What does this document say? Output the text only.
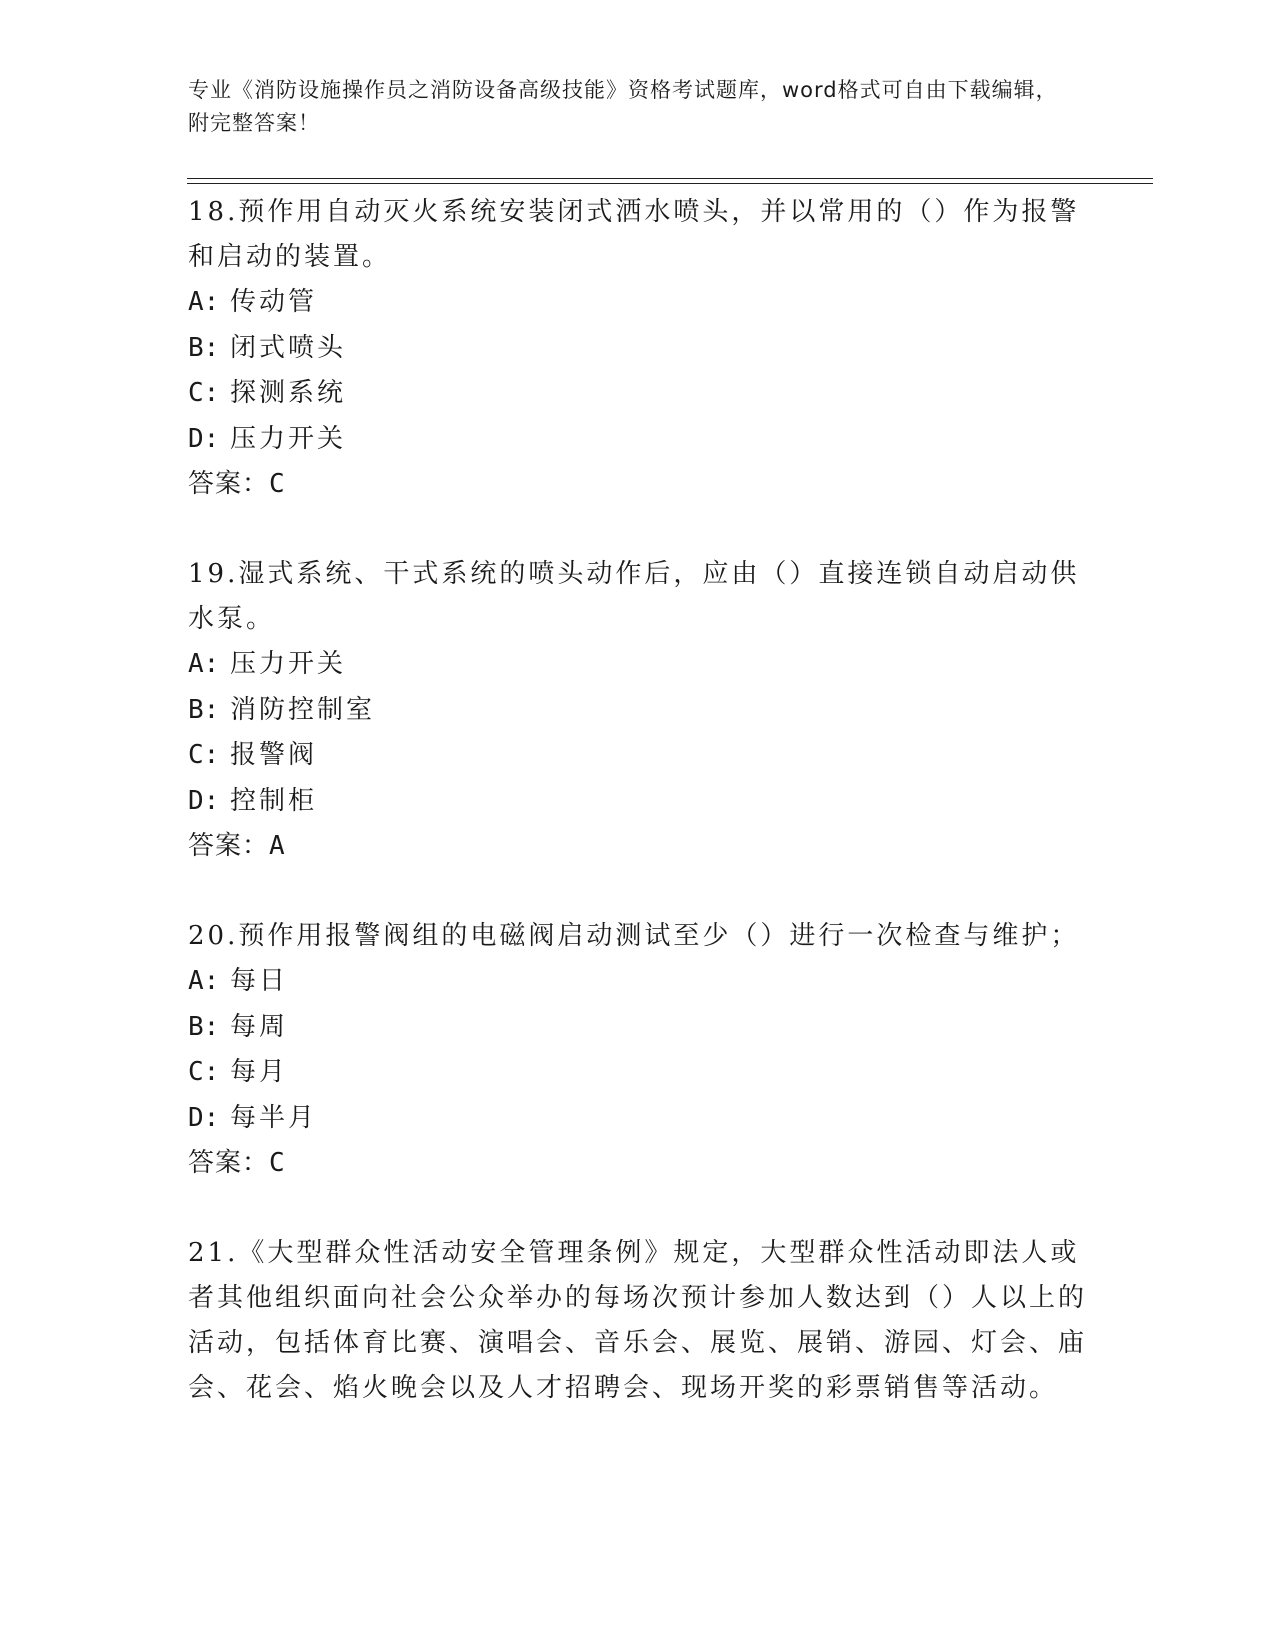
专业《消防设施操作员之消防设备高级技能》资格考试题库，word格式可自由下载编辑，附完整答案！
18.预作用自动灭火系统安装闭式洒水喷头，并以常用的（）作为报警和启动的装置。
A: 传动管
B: 闭式喷头
C: 探测系统
D: 压力开关
答案：C
19.湿式系统、干式系统的喷头动作后，应由（）直接连锁自动启动供水泵。
A: 压力开关
B: 消防控制室
C: 报警阀
D: 控制柜
答案：A
20.预作用报警阀组的电磁阀启动测试至少（）进行一次检查与维护；
A: 每日
B: 每周
C: 每月
D: 每半月
答案：C
21.《大型群众性活动安全管理条例》规定，大型群众性活动即法人或者其他组织面向社会公众举办的每场次预计参加人数达到（）人以上的活动，包括体育比赛、演唱会、音乐会、展览、展销、游园、灯会、庙会、花会、焰火晚会以及人才招聘会、现场开奖的彩票销售等活动。
